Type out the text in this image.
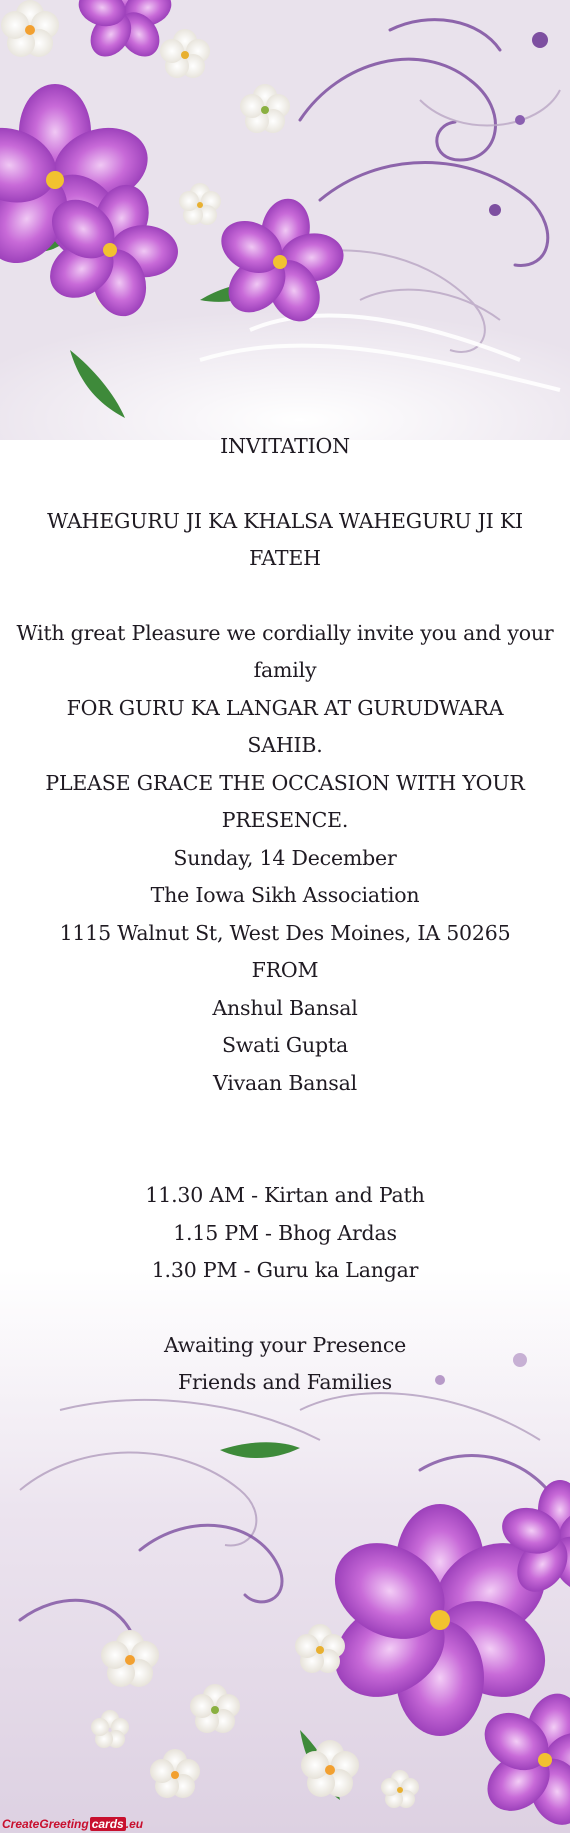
INVITATION
WAHEGURU JI KA KHALSA WAHEGURU JI KI
FATEH
With great Pleasure we cordially invite you and your
family
FOR GURU KA LANGAR AT GURUDWARA
SAHIB.
PLEASE GRACE THE OCCASION WITH YOUR
PRESENCE.
Sunday, 14 December
The Iowa Sikh Association
1115 Walnut St, West Des Moines, IA 50265
FROM
Anshul Bansal
Swati Gupta
Vivaan Bansal
11.30 AM - Kirtan and Path
1.15 PM - Bhog Ardas
1.30 PM - Guru ka Langar
Awaiting your Presence
Friends and Families
CreateGreeting cards .eu
